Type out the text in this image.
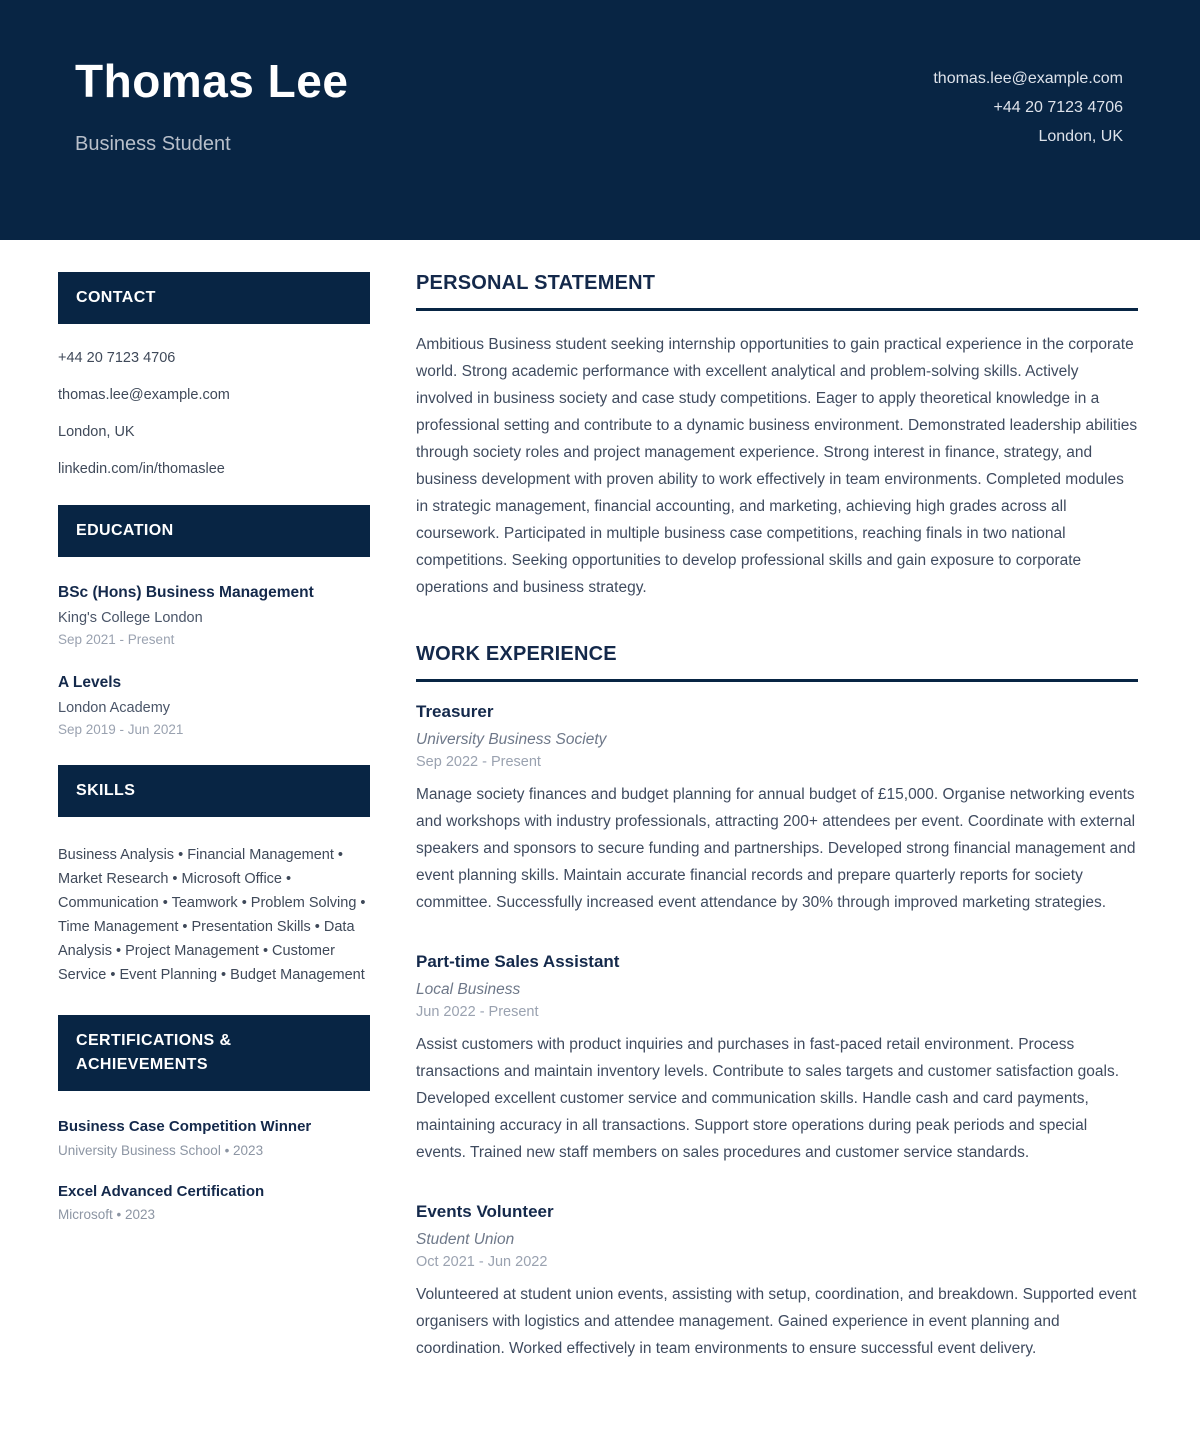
Thomas Lee
Business Student
thomas.lee@example.com
+44 20 7123 4706
London, UK
CONTACT
+44 20 7123 4706
thomas.lee@example.com
London, UK
linkedin.com/in/thomaslee
EDUCATION
BSc (Hons) Business Management
King's College London
Sep 2021 - Present
A Levels
London Academy
Sep 2019 - Jun 2021
SKILLS

Business Analysis • Financial Management • Market Research • Microsoft Office • Communication • Teamwork • Problem Solving • Time Management • Presentation Skills • Data Analysis • Project Management • Customer Service • Event Planning • Budget Management

CERTIFICATIONS & ACHIEVEMENTS
Business Case Competition Winner
University Business School • 2023
Excel Advanced Certification
Microsoft • 2023
PERSONAL STATEMENT

Ambitious Business student seeking internship opportunities to gain practical experience in the corporate world. Strong academic performance with excellent analytical and problem-solving skills. Actively involved in business society and case study competitions. Eager to apply theoretical knowledge in a professional setting and contribute to a dynamic business environment. Demonstrated leadership abilities through society roles and project management experience. Strong interest in finance, strategy, and business development with proven ability to work effectively in team environments. Completed modules in strategic management, financial accounting, and marketing, achieving high grades across all coursework. Participated in multiple business case competitions, reaching finals in two national competitions. Seeking opportunities to develop professional skills and gain exposure to corporate operations and business strategy.

WORK EXPERIENCE
Treasurer
University Business Society
Sep 2022 - Present

Manage society finances and budget planning for annual budget of £15,000. Organise networking events and workshops with industry professionals, attracting 200+ attendees per event. Coordinate with external speakers and sponsors to secure funding and partnerships. Developed strong financial management and event planning skills. Maintain accurate financial records and prepare quarterly reports for society committee. Successfully increased event attendance by 30% through improved marketing strategies.

Part-time Sales Assistant
Local Business
Jun 2022 - Present

Assist customers with product inquiries and purchases in fast-paced retail environment. Process transactions and maintain inventory levels. Contribute to sales targets and customer satisfaction goals. Developed excellent customer service and communication skills. Handle cash and card payments, maintaining accuracy in all transactions. Support store operations during peak periods and special events. Trained new staff members on sales procedures and customer service standards.

Events Volunteer
Student Union
Oct 2021 - Jun 2022

Volunteered at student union events, assisting with setup, coordination, and breakdown. Supported event organisers with logistics and attendee management. Gained experience in event planning and coordination. Worked effectively in team environments to ensure successful event delivery.
